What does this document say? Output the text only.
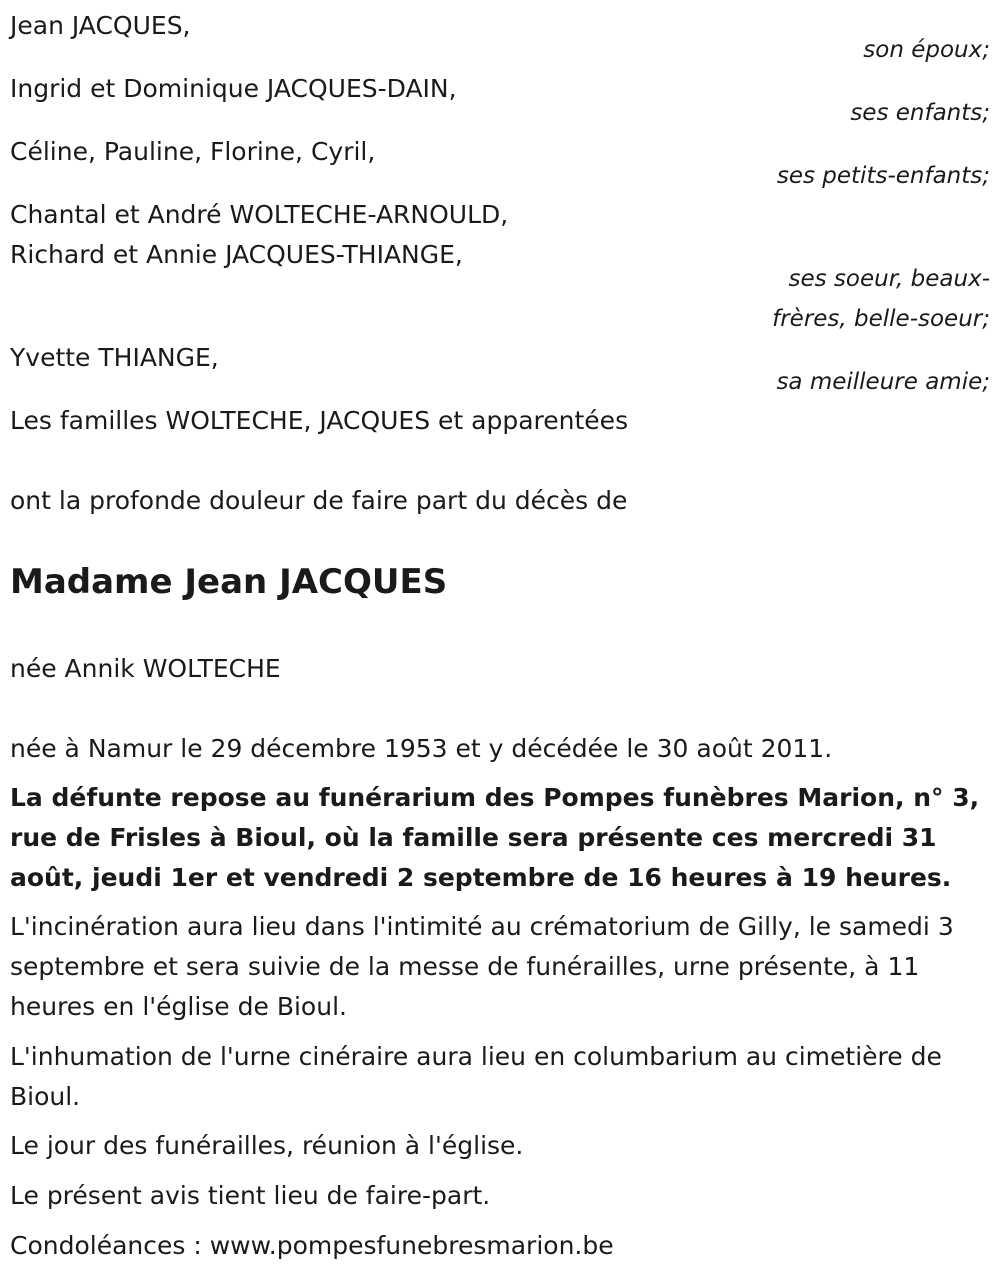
Jean JACQUES,
son époux;
Ingrid et Dominique JACQUES-DAIN,
ses enfants;
Céline, Pauline, Florine, Cyril,
ses petits-enfants;
Chantal et André WOLTECHE-ARNOULD,
Richard et Annie JACQUES-THIANGE,
ses soeur, beaux-
frères, belle-soeur;
Yvette THIANGE,
sa meilleure amie;
Les familles WOLTECHE, JACQUES et apparentées
ont la profonde douleur de faire part du décès de
Madame Jean JACQUES
née Annik WOLTECHE
née à Namur le 29 décembre 1953 et y décédée le 30 août 2011.
La défunte repose au funérarium des Pompes funèbres Marion, n° 3, rue de Frisles à Bioul, où la famille sera présente ces mercredi 31 août, jeudi 1er et vendredi 2 septembre de 16 heures à 19 heures.
L'incinération aura lieu dans l'intimité au crématorium de Gilly, le samedi 3 septembre et sera suivie de la messe de funérailles, urne présente, à 11 heures en l'église de Bioul.
L'inhumation de l'urne cinéraire aura lieu en columbarium au cimetière de Bioul.
Le jour des funérailles, réunion à l'église.
Le présent avis tient lieu de faire-part.
Condoléances : www.pompesfunebresmarion.be
